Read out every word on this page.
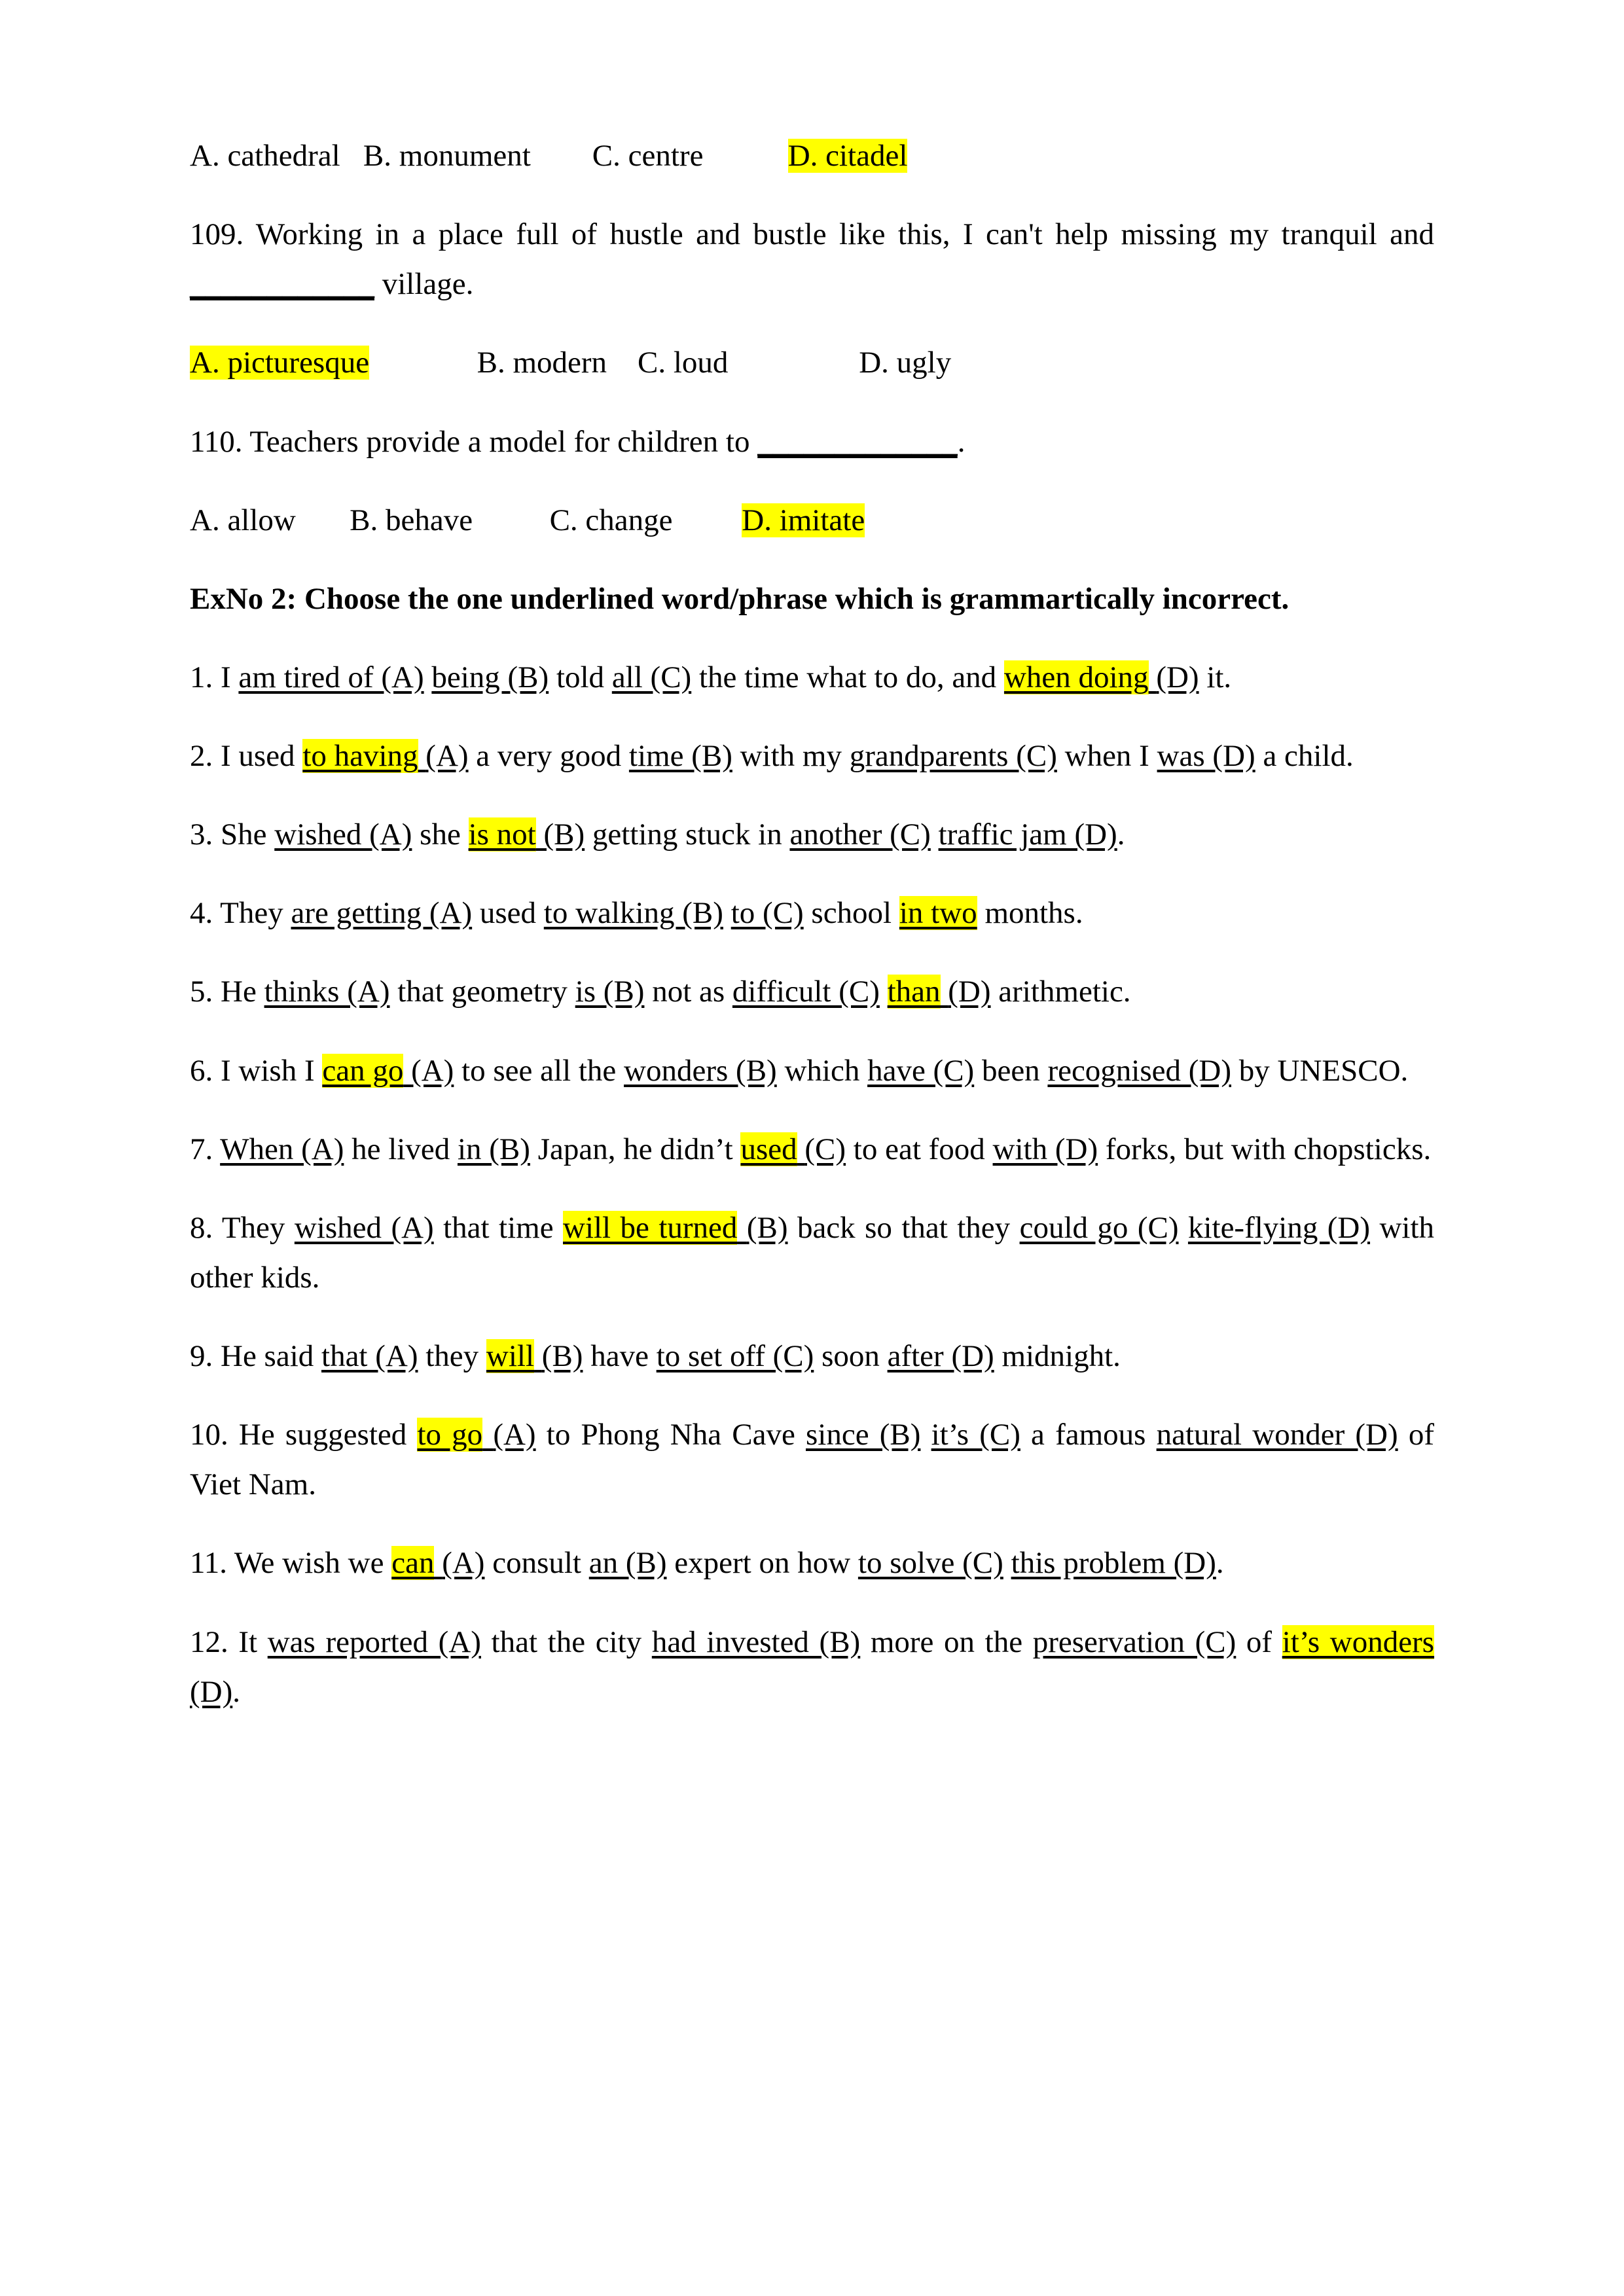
A. cathedral B. monument C. centre	D. citadel

109. Working in a place full of hustle and bustle like this, I can't help missing my tranquil and ____________ village.

A. picturesque	B. modern C. loud	D. ugly

110. Teachers provide a model for children to _____________.

A. allow B. behave	C. change D. imitate

ExNo 2: Choose the one underlined word/phrase which is grammartically incorrect.

1. I am tired of (A) being (B) told all (C) the time what to do, and when doing (D) it.

2. I used to having (A) a very good time (B) with my grandparents (C) when I was (D) a child.

3. She wished (A) she is not (B) getting stuck in another (C) traffic jam (D).

4. They are getting (A) used to walking (B) to (C) school in two months.

5. He thinks (A) that geometry is (B) not as difficult (C) than (D) arithmetic.

6. I wish I can go (A) to see all the wonders (B) which have (C) been recognised (D) by UNESCO.

7. When (A) he lived in (B) Japan, he didn’t used (C) to eat food with (D) forks, but with chopsticks.

8. They wished (A) that time will be turned (B) back so that they could go (C) kite-flying (D) with other kids.

9. He said that (A) they will (B) have to set off (C) soon after (D) midnight.

10. He suggested to go (A) to Phong Nha Cave since (B) it’s (C) a famous natural wonder (D) of Viet Nam.

11. We wish we can (A) consult an (B) expert on how to solve (C) this problem (D).

12. It was reported (A) that the city had invested (B) more on the preservation (C) of it’s wonders (D).
